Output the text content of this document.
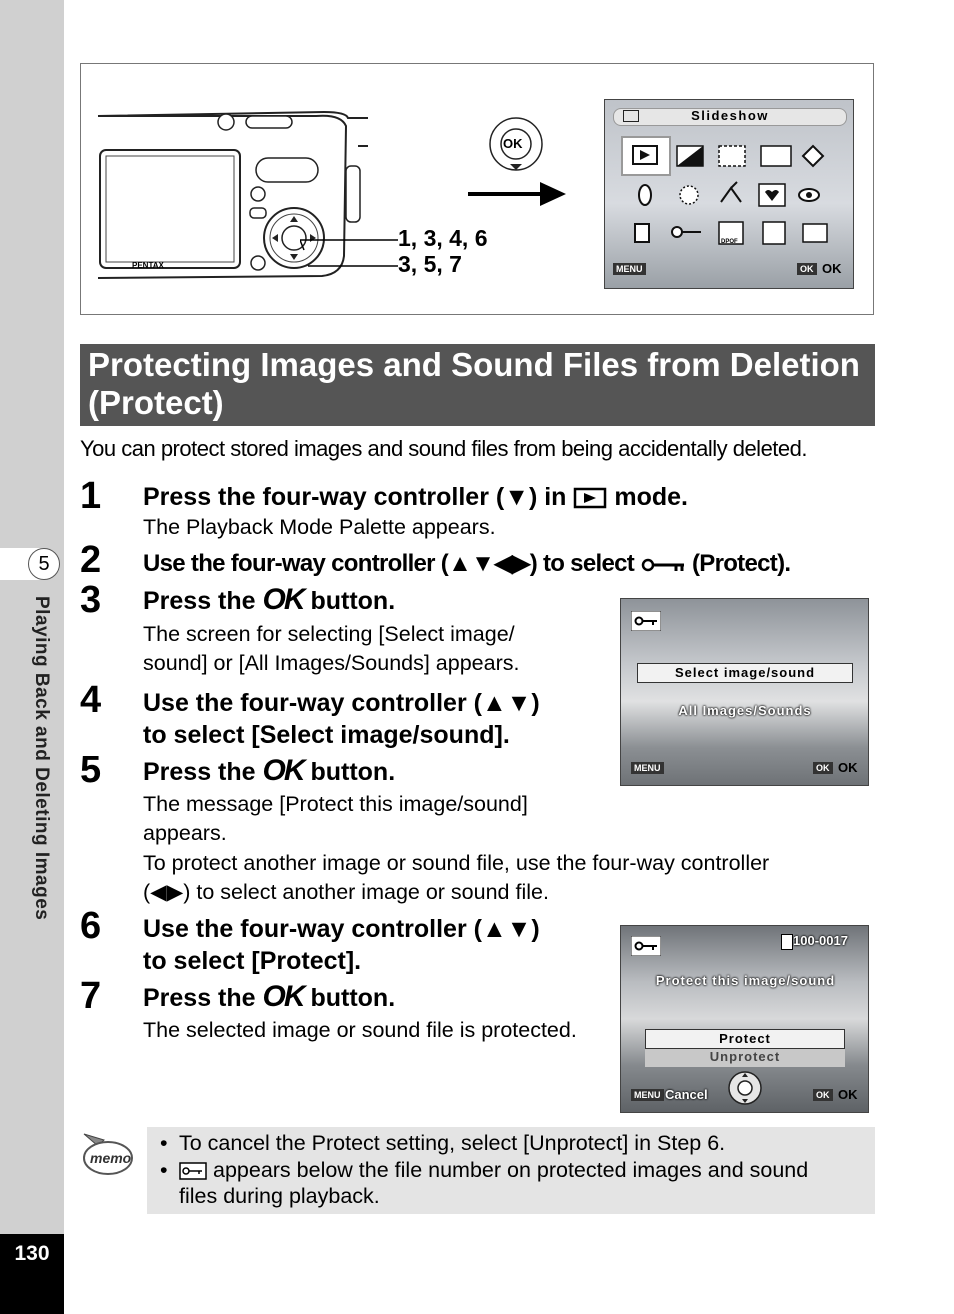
5
Playing Back and Deleting Images
130
PENTAX
1, 3, 4, 6
3, 5, 7
OK
Slideshow
DPOF
MENU	OK OK
Protecting Images and Sound Files from Deletion (Protect)
You can protect stored images and sound files from being accidentally deleted.
1 Press the four-way controller (▼) in mode.
The Playback Mode Palette appears.
2 Use the four-way controller (▲▼◀▶) to select (Protect).
3 Press the OK button.
The screen for selecting [Select image/
sound] or [All Images/Sounds] appears.
4 Use the four-way controller (▲▼)
to select [Select image/sound].
5 Press the OK button.
The message [Protect this image/sound]
appears.
To protect another image or sound file, use the four-way controller
(◀▶) to select another image or sound file.
6 Use the four-way controller (▲▼)
to select [Protect].
7 Press the OK button.
The selected image or sound file is protected.
Select image/sound
All Images/Sounds
MENU	OK OK
100-0017
Protect this image/sound
Protect
Unprotect
MENU Cancel	OK OK
memo
• To cancel the Protect setting, select [Unprotect] in Step 6.
•	appears below the file number on protected images and sound
files during playback.
